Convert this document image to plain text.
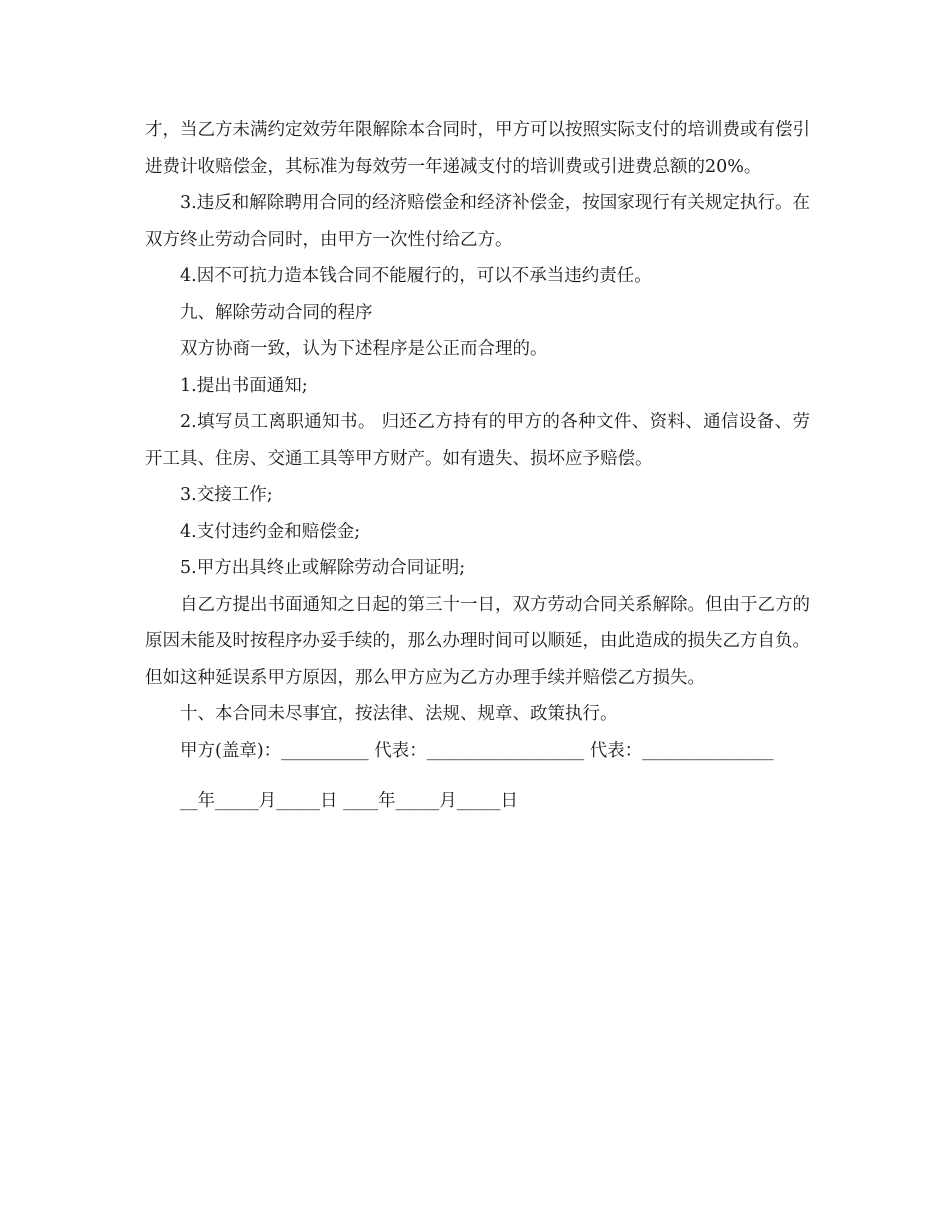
才，当乙方未满约定效劳年限解除本合同时，甲方可以按照实际支付的培训费或有偿引进费计收赔偿金，其标准为每效劳一年递减支付的培训费或引进费总额的20%。

3.违反和解除聘用合同的经济赔偿金和经济补偿金，按国家现行有关规定执行。在双方终止劳动合同时，由甲方一次性付给乙方。

4.因不可抗力造本钱合同不能履行的，可以不承当违约责任。

九、解除劳动合同的程序

双方协商一致，认为下述程序是公正而合理的。

1.提出书面通知;

2.填写员工离职通知书。 归还乙方持有的甲方的各种文件、资料、通信设备、劳开工具、住房、交通工具等甲方财产。如有遗失、损坏应予赔偿。

3.交接工作;

4.支付违约金和赔偿金;

5.甲方出具终止或解除劳动合同证明;

自乙方提出书面通知之日起的第三十一日，双方劳动合同关系解除。但由于乙方的原因未能及时按程序办妥手续的，那么办理时间可以顺延，由此造成的损失乙方自负。但如这种延误系甲方原因，那么甲方应为乙方办理手续并赔偿乙方损失。

十、本合同未尽事宜，按法律、法规、规章、政策执行。

甲方(盖章)：__________ 代表：__________________ 代表：_______________

__年_____月_____日 ____年_____月_____日
